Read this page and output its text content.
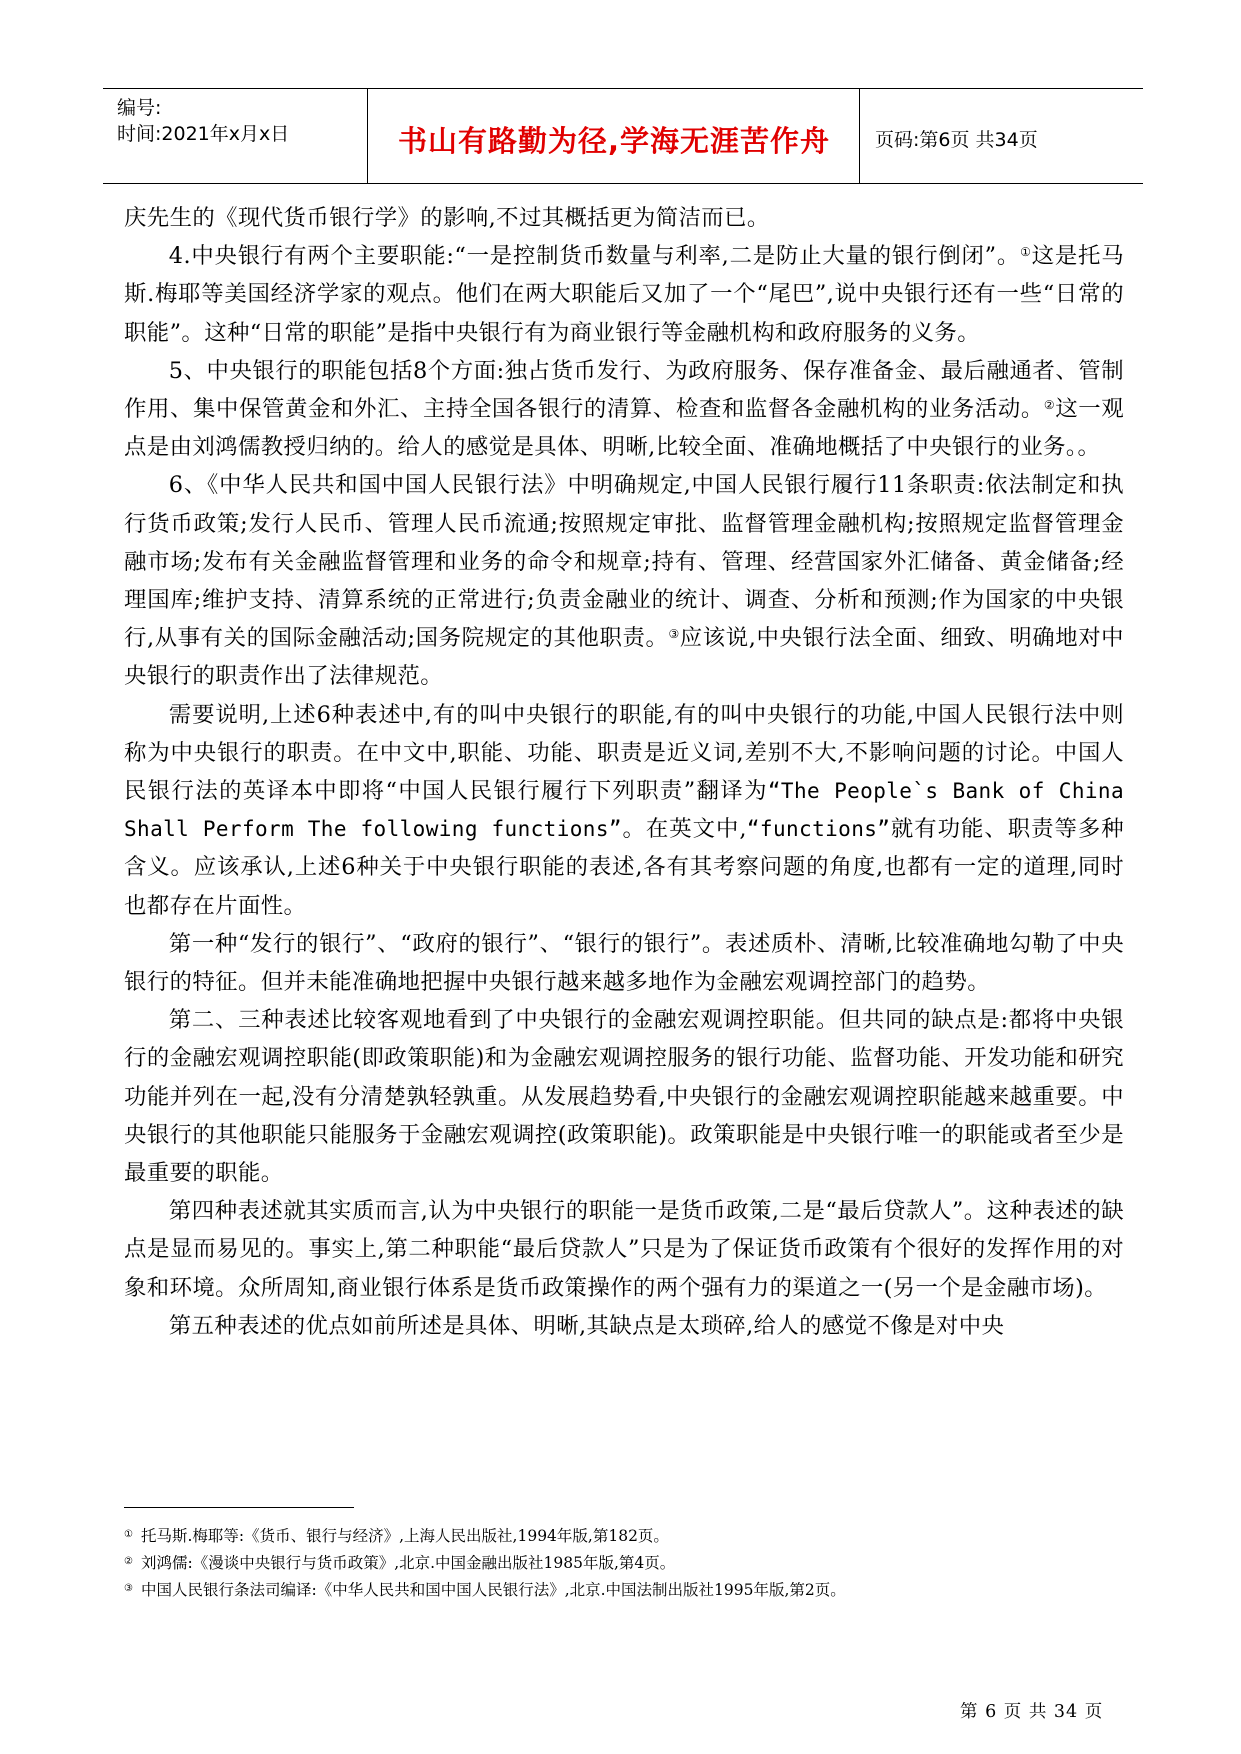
编号:
时间:2021年x月x日	书山有路勤为径,学海无涯苦作舟	页码:第6页 共34页

庆先生的《现代货币银行学》的影响,不过其概括更为简洁而已。

4.中央银行有两个主要职能:“一是控制货币数量与利率,二是防止大量的银行倒闭”。①这是托马斯.梅耶等美国经济学家的观点。他们在两大职能后又加了一个“尾巴”,说中央银行还有一些“日常的职能”。这种“日常的职能”是指中央银行有为商业银行等金融机构和政府服务的义务。

5、中央银行的职能包括8个方面:独占货币发行、为政府服务、保存准备金、最后融通者、管制作用、集中保管黄金和外汇、主持全国各银行的清算、检查和监督各金融机构的业务活动。②这一观点是由刘鸿儒教授归纳的。给人的感觉是具体、明晰,比较全面、准确地概括了中央银行的业务。。

6、《中华人民共和国中国人民银行法》中明确规定,中国人民银行履行11条职责:依法制定和执行货币政策;发行人民币、管理人民币流通;按照规定审批、监督管理金融机构;按照规定监督管理金融市场;发布有关金融监督管理和业务的命令和规章;持有、管理、经营国家外汇储备、黄金储备;经理国库;维护支持、清算系统的正常进行;负责金融业的统计、调查、分析和预测;作为国家的中央银行,从事有关的国际金融活动;国务院规定的其他职责。③应该说,中央银行法全面、细致、明确地对中央银行的职责作出了法律规范。

需要说明,上述6种表述中,有的叫中央银行的职能,有的叫中央银行的功能,中国人民银行法中则称为中央银行的职责。在中文中,职能、功能、职责是近义词,差别不大,不影响问题的讨论。中国人民银行法的英译本中即将“中国人民银行履行下列职责”翻译为“The People`s Bank of China Shall Perform The following functions”。在英文中,“functions”就有功能、职责等多种含义。应该承认,上述6种关于中央银行职能的表述,各有其考察问题的角度,也都有一定的道理,同时也都存在片面性。

第一种“发行的银行”、“政府的银行”、“银行的银行”。表述质朴、清晰,比较准确地勾勒了中央银行的特征。但并未能准确地把握中央银行越来越多地作为金融宏观调控部门的趋势。

第二、三种表述比较客观地看到了中央银行的金融宏观调控职能。但共同的缺点是:都将中央银行的金融宏观调控职能(即政策职能)和为金融宏观调控服务的银行功能、监督功能、开发功能和研究功能并列在一起,没有分清楚孰轻孰重。从发展趋势看,中央银行的金融宏观调控职能越来越重要。中央银行的其他职能只能服务于金融宏观调控(政策职能)。政策职能是中央银行唯一的职能或者至少是最重要的职能。

第四种表述就其实质而言,认为中央银行的职能一是货币政策,二是“最后贷款人”。这种表述的缺点是显而易见的。事实上,第二种职能“最后贷款人”只是为了保证货币政策有个很好的发挥作用的对象和环境。众所周知,商业银行体系是货币政策操作的两个强有力的渠道之一(另一个是金融市场)。

第五种表述的优点如前所述是具体、明晰,其缺点是太琐碎,给人的感觉不像是对中央

① 托马斯.梅耶等:《货币、银行与经济》,上海人民出版社,1994年版,第182页。
② 刘鸿儒:《漫谈中央银行与货币政策》,北京.中国金融出版社1985年版,第4页。
③ 中国人民银行条法司编译:《中华人民共和国中国人民银行法》,北京.中国法制出版社1995年版,第2页。
第 6 页 共 34 页
